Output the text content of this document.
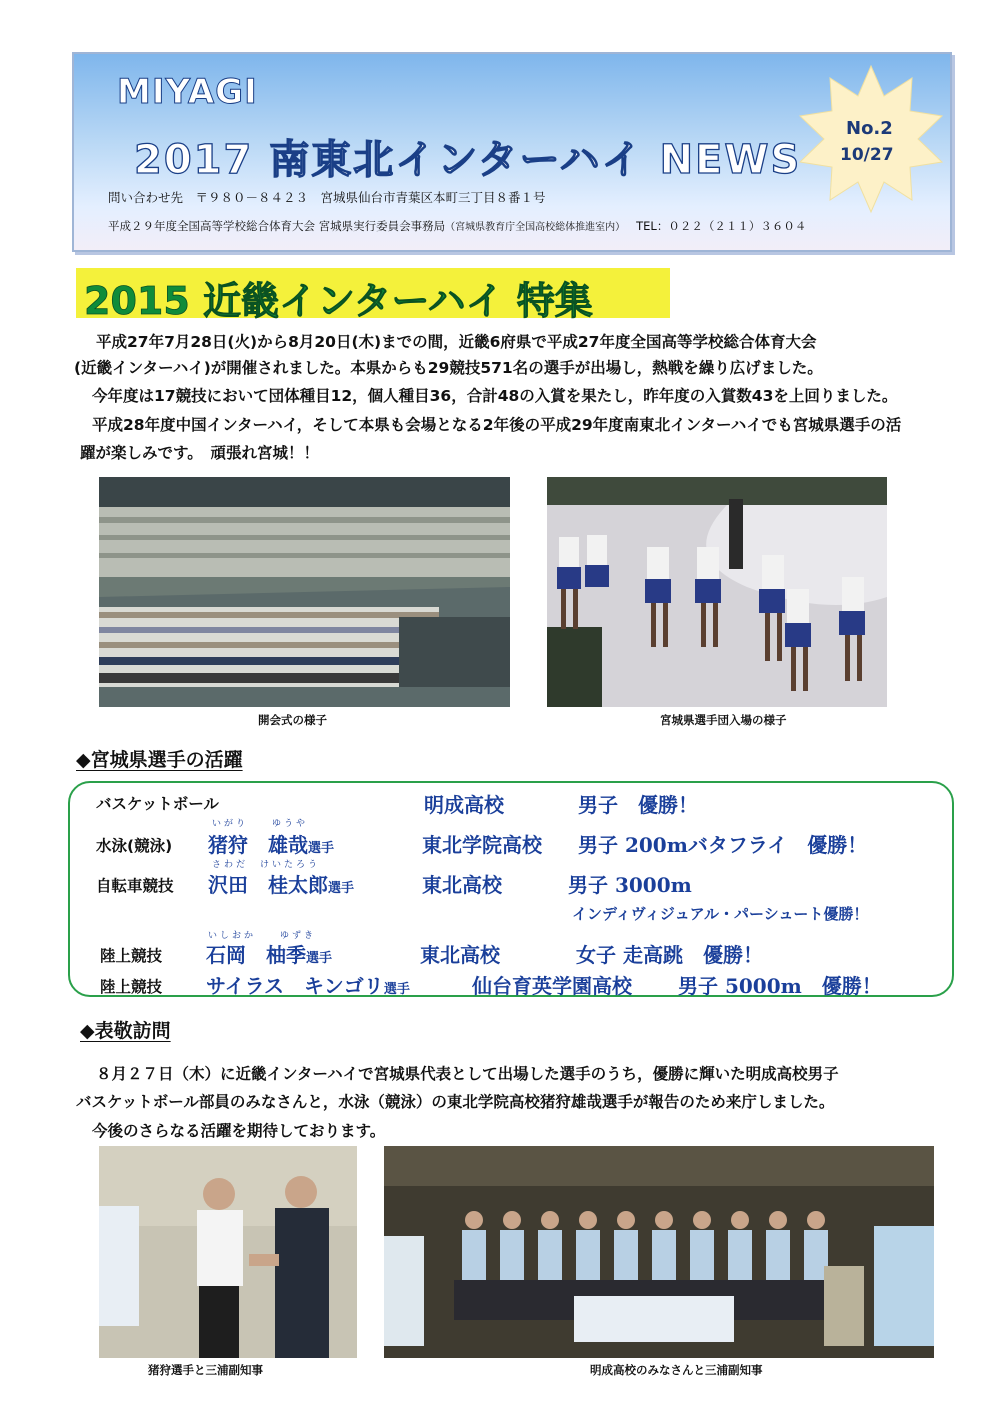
MIYAGI
2017 南東北インターハイ NEWS
問い合わせ先　〒９８０－８４２３　宮城県仙台市青葉区本町三丁目８番１号
平成２９年度全国高等学校総合体育大会 宮城県実行委員会事務局（宮城県教育庁全国高校総体推進室内） TEL：０２２（２１１）３６０４
No.2
10/27
2015 近畿インターハイ 特集
平成27年7月28日(火)から8月20日(木)までの間，近畿6府県で平成27年度全国高等学校総合体育大会
(近畿インターハイ)が開催されました。本県からも29競技571名の選手が出場し，熱戦を繰り広げました。
今年度は17競技において団体種目12，個人種目36，合計48の入賞を果たし，昨年度の入賞数43を上回りました。
平成28年度中国インターハイ，そして本県も会場となる2年後の平成29年度南東北インターハイでも宮城県選手の活
躍が楽しみです。　頑張れ宮城！！
開会式の様子	宮城県選手団入場の様子
◆宮城県選手の活躍
バスケットボール	明成高校	男子　優勝！
いがり　　ゆうや
水泳(競泳) 猪狩　雄哉選手	東北学院高校 男子 200mバタフライ　優勝！
さわだ　けいたろう
自転車競技 沢田　桂太郎選手	東北高校	男子 3000m
インディヴィジュアル・パーシュート優勝！
いしおか　　ゆずき
陸上競技 石岡　柚季選手	東北高校	女子 走高跳　優勝！
陸上競技 サイラス　キンゴリ選手	仙台育英学園高校 男子 5000m　優勝！
◆表敬訪問
８月２７日（木）に近畿インターハイで宮城県代表として出場した選手のうち，優勝に輝いた明成高校男子
バスケットボール部員のみなさんと，水泳（競泳）の東北学院高校猪狩雄哉選手が報告のため来庁しました。
今後のさらなる活躍を期待しております。
猪狩選手と三浦副知事	明成高校のみなさんと三浦副知事
